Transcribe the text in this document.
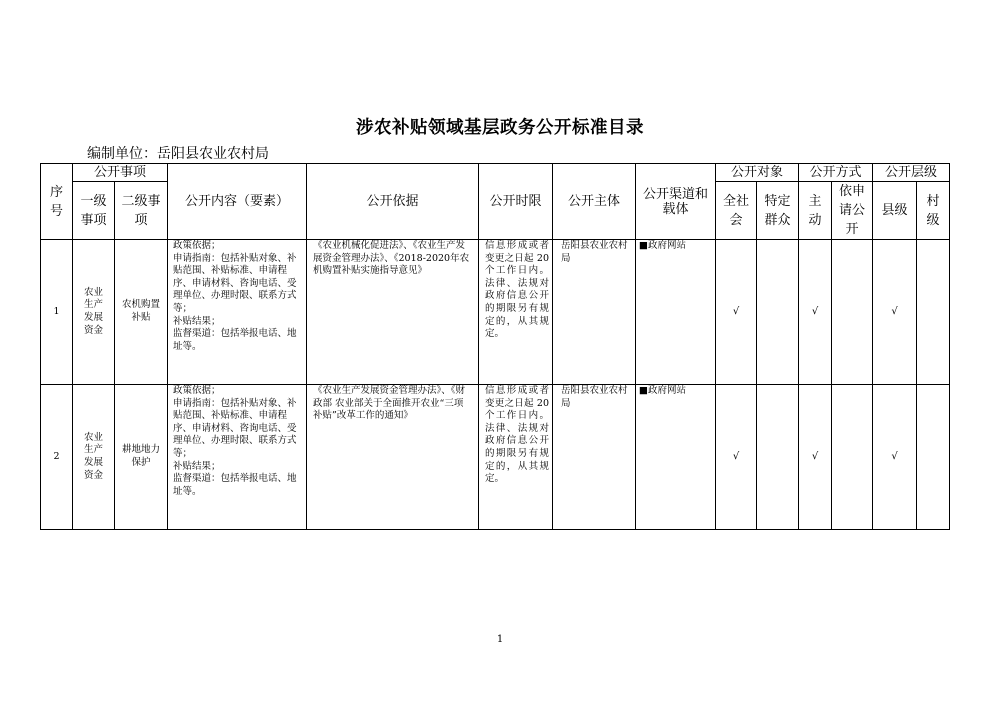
涉农补贴领域基层政务公开标准目录

编制单位：岳阳县农业农村局

序号	公开事项		公开内容（要素）	公开依据	公开时限	公开主体	公开渠道和载体	公开对象		公开方式		公开层级	

	一级事项	二级事项						全社会	特定群众	主动	依申请公开	县级	村级

1	农业生产发展资金	农机购置补贴	政策依据；
申请指南：包括补贴对象、补贴范围、补贴标准、申请程序、申请材料、咨询电话、受理单位、办理时限、联系方式等；
补贴结果；
监督渠道：包括举报电话、地址等。	《农业机械化促进法》、《农业生产发展资金管理办法》、《2018-2020年农机购置补贴实施指导意见》	信息形成或者变更之日起 20 个工作日内。法律、法规对政府信息公开的期限另有规定的，从其规定。	岳阳县农业农村局	■政府网站	√		√		√	
2	农业生产发展资金	耕地地力保护	政策依据；
申请指南：包括补贴对象、补贴范围、补贴标准、申请程序、申请材料、咨询电话、受理单位、办理时限、联系方式等；
补贴结果；
监督渠道：包括举报电话、地址等。	《农业生产发展资金管理办法》、《财政部 农业部关于全面推开农业“三项补贴”改革工作的通知》	信息形成或者变更之日起 20 个工作日内。法律、法规对政府信息公开的期限另有规定的，从其规定。	岳阳县农业农村局	■政府网站	√		√		√	

1
